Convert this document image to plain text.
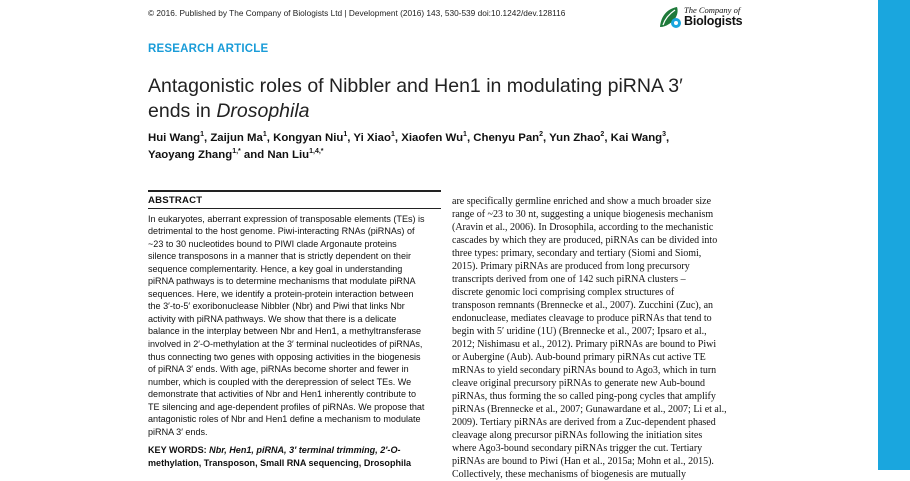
© 2016. Published by The Company of Biologists Ltd | Development (2016) 143, 530-539 doi:10.1242/dev.128116	The Company of
Biologists
RESEARCH ARTICLE
Antagonistic roles of Nibbler and Hen1 in modulating piRNA 3′
ends in Drosophila
Hui Wang$^1$, Zaijun Ma$^1$, Kongyan Niu$^1$, Yi Xiao$^1$, Xiaofen Wu$^1$, Chenyu Pan$^2$, Yun Zhao$^2$, Kai Wang$^3$,
Yaoyang Zhang$^{1,*}$ and Nan Liu$^{1,4,*}$
ABSTRACT
In eukaryotes, aberrant expression of transposable elements (TEs) is
detrimental to the host genome. Piwi-interacting RNAs (piRNAs) of
~23 to 30 nucleotides bound to PIWI clade Argonaute proteins
silence transposons in a manner that is strictly dependent on their
sequence complementarity. Hence, a key goal in understanding
piRNA pathways is to determine mechanisms that modulate piRNA
sequences. Here, we identify a protein-protein interaction between
the 3′-to-5′ exoribonuclease Nibbler (Nbr) and Piwi that links Nbr
activity with piRNA pathways. We show that there is a delicate
balance in the interplay between Nbr and Hen1, a methyltransferase
involved in 2′-O-methylation at the 3′ terminal nucleotides of piRNAs,
thus connecting two genes with opposing activities in the biogenesis
of piRNA 3′ ends. With age, piRNAs become shorter and fewer in
number, which is coupled with the derepression of select TEs. We
demonstrate that activities of Nbr and Hen1 inherently contribute to
TE silencing and age-dependent profiles of piRNAs. We propose that
antagonistic roles of Nbr and Hen1 define a mechanism to modulate
piRNA 3′ ends.
KEY WORDS: Nbr, Hen1, piRNA, 3′ terminal trimming, 2′-O-
methylation, Transposon, Small RNA sequencing, Drosophila
are specifically germline enriched and show a much broader size
range of ~23 to 30 nt, suggesting a unique biogenesis mechanism
(Aravin et al., 2006). In Drosophila, according to the mechanistic
cascades by which they are produced, piRNAs can be divided into
three types: primary, secondary and tertiary (Siomi and Siomi,
2015). Primary piRNAs are produced from long precursory
transcripts derived from one of 142 such piRNA clusters –
discrete genomic loci comprising complex structures of
transposon remnants (Brennecke et al., 2007). Zucchini (Zuc), an
endonuclease, mediates cleavage to produce piRNAs that tend to
begin with 5′ uridine (1U) (Brennecke et al., 2007; Ipsaro et al.,
2012; Nishimasu et al., 2012). Primary piRNAs are bound to Piwi
or Aubergine (Aub). Aub-bound primary piRNAs cut active TE
mRNAs to yield secondary piRNAs bound to Ago3, which in turn
cleave original precursory piRNAs to generate new Aub-bound
piRNAs, thus forming the so called ping-pong cycles that amplify
piRNAs (Brennecke et al., 2007; Gunawardane et al., 2007; Li et al.,
2009). Tertiary piRNAs are derived from a Zuc-dependent phased
cleavage along precursor piRNAs following the initiation sites
where Ago3-bound secondary piRNAs trigger the cut. Tertiary
piRNAs are bound to Piwi (Han et al., 2015a; Mohn et al., 2015).
Collectively, these mechanisms of biogenesis are mutually
